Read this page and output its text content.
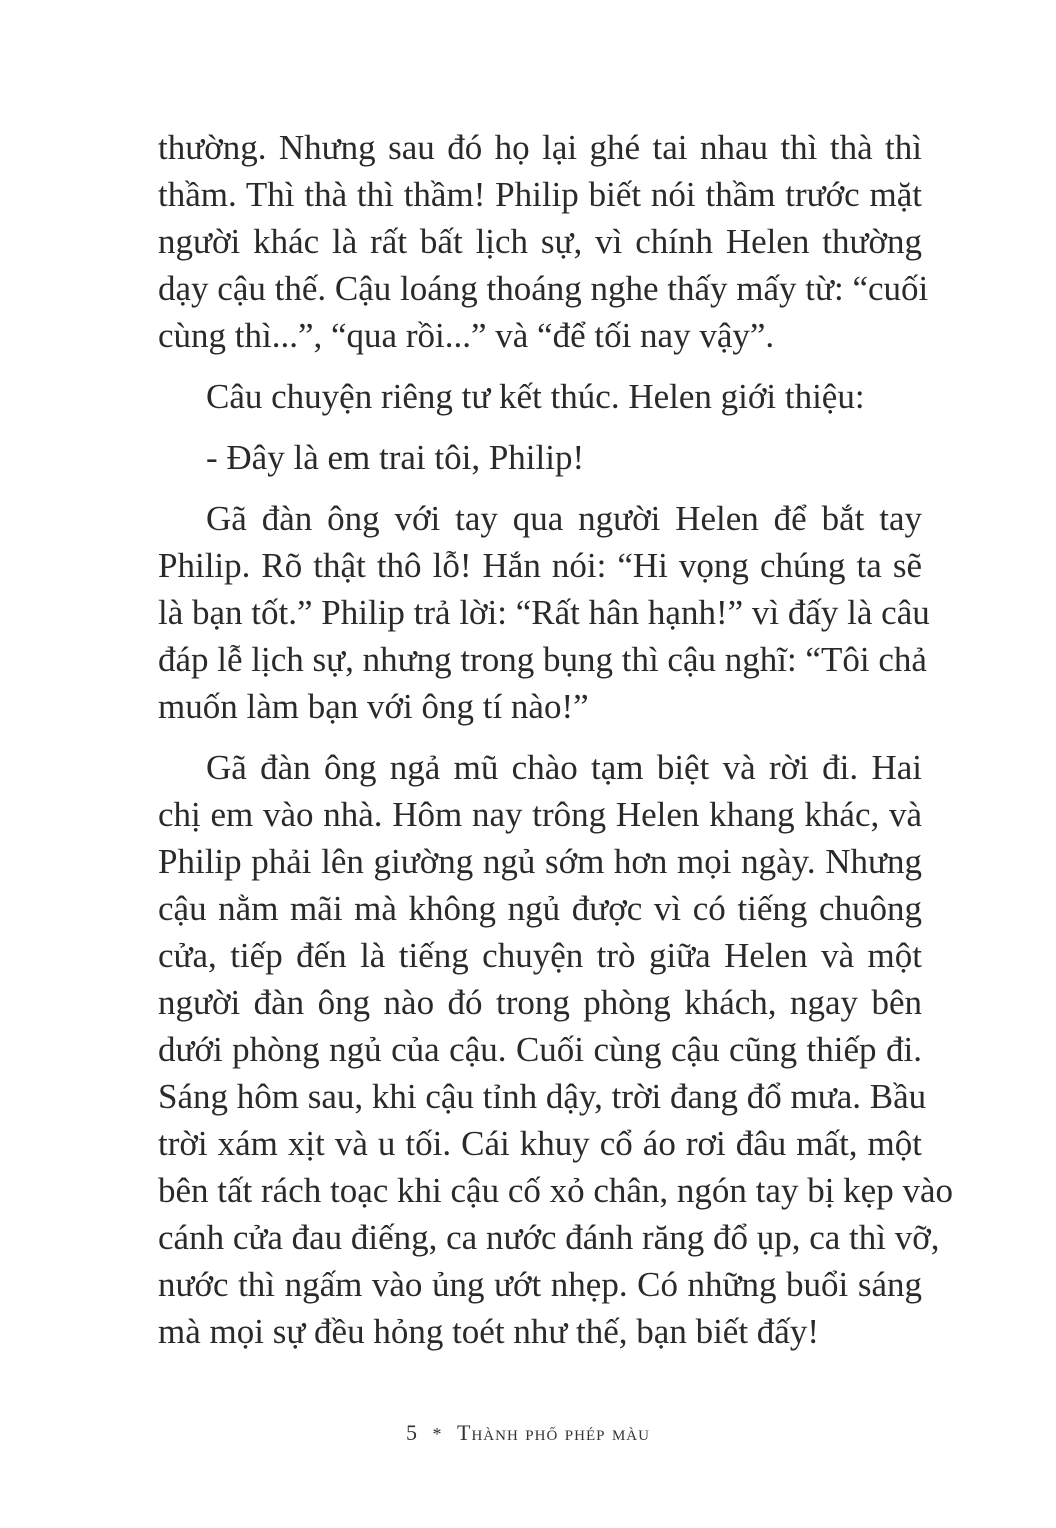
thường. Nhưng sau đó họ lại ghé tai nhau thì thà thì
thầm. Thì thà thì thầm! Philip biết nói thầm trước mặt
người khác là rất bất lịch sự, vì chính Helen thường
dạy cậu thế. Cậu loáng thoáng nghe thấy mấy từ: “cuối
cùng thì...”, “qua rồi...” và “để tối nay vậy”.
Câu chuyện riêng tư kết thúc. Helen giới thiệu:
- Đây là em trai tôi, Philip!
Gã đàn ông với tay qua người Helen để bắt tay
Philip. Rõ thật thô lỗ! Hắn nói: “Hi vọng chúng ta sẽ
là bạn tốt.” Philip trả lời: “Rất hân hạnh!” vì đấy là câu
đáp lễ lịch sự, nhưng trong bụng thì cậu nghĩ: “Tôi chả
muốn làm bạn với ông tí nào!”
Gã đàn ông ngả mũ chào tạm biệt và rời đi. Hai
chị em vào nhà. Hôm nay trông Helen khang khác, và
Philip phải lên giường ngủ sớm hơn mọi ngày. Nhưng
cậu nằm mãi mà không ngủ được vì có tiếng chuông
cửa, tiếp đến là tiếng chuyện trò giữa Helen và một
người đàn ông nào đó trong phòng khách, ngay bên
dưới phòng ngủ của cậu. Cuối cùng cậu cũng thiếp đi.
Sáng hôm sau, khi cậu tỉnh dậy, trời đang đổ mưa. Bầu
trời xám xịt và u tối. Cái khuy cổ áo rơi đâu mất, một
bên tất rách toạc khi cậu cố xỏ chân, ngón tay bị kẹp vào
cánh cửa đau điếng, ca nước đánh răng đổ ụp, ca thì vỡ,
nước thì ngấm vào ủng ướt nhẹp. Có những buổi sáng
mà mọi sự đều hỏng toét như thế, bạn biết đấy!
5 * Thành phố phép màu
